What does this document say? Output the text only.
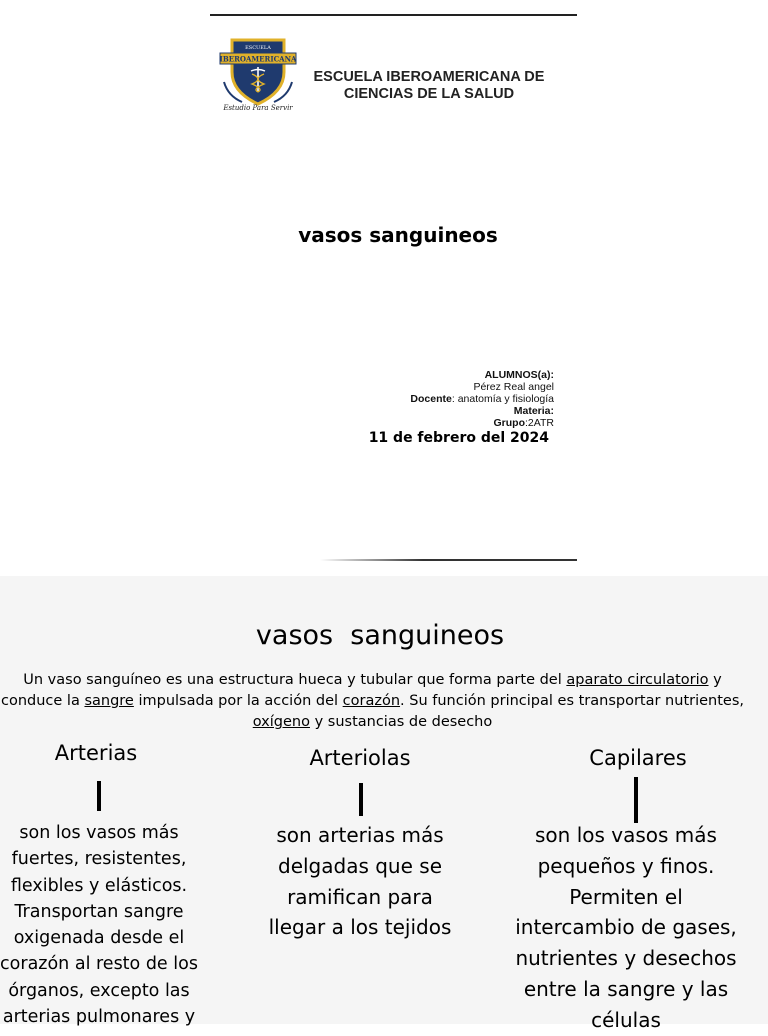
ESCUELA
IBEROAMERICANA
Estudio Para Servir
ESCUELA IBEROAMERICANA DE
CIENCIAS DE LA SALUD
vasos sanguineos
ALUMNOS(a):
Pérez Real angel
Docente: anatomía y fisiología
Materia:
Grupo:2ATR
11 de febrero del 2024
vasos  sanguineos
Un vaso sanguíneo es una estructura hueca y tubular que forma parte del aparato circulatorio y conduce la sangre impulsada por la acción del corazón. Su función principal es transportar nutrientes, oxígeno y sustancias de desecho
Arterias
son los vasos más fuertes, resistentes, flexibles y elásticos. Transportan sangre oxigenada desde el corazón al resto de los órganos, excepto las arterias pulmonares y
Arteriolas
son arterias más delgadas que se ramifican para llegar a los tejidos
Capilares
son los vasos más pequeños y finos. Permiten el intercambio de gases, nutrientes y desechos entre la sangre y las células
